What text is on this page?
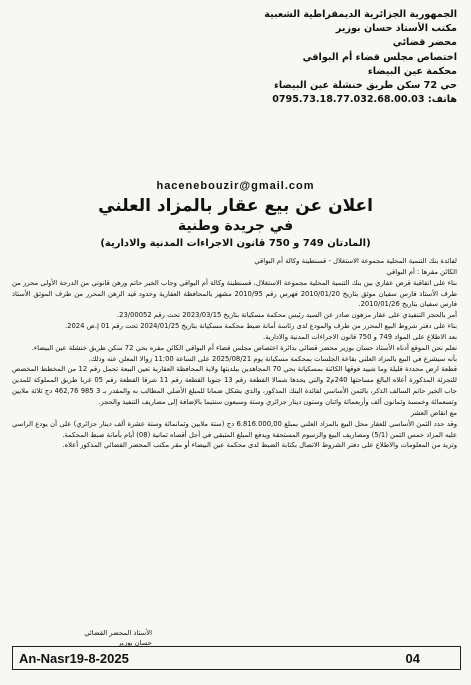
الجمهورية الجزائرية الديمقراطية الشعبية
مكتب الأستاذ حسان بوزير
محضر قضائي
اختصاص مجلس قضاء أم البواقي
محكمة عين البيضاء
حي 72 سكن طريق خنشلة عين البيضاء
هاتف: 0795.73.18.77.032.68.00.03
hacenebouzir@gmail.com
اعلان عن بيع عقار بالمزاد العلني
في جريدة وطنية
(المادتان 749 و 750 قانون الاجراءات المدنية والادارية)

لفائدة بنك التنمية المحلية مجموعة الاستغلال - قسنطينة وكالة أم البواقي

الكائن مقرها : أم البواقي

بناء على اتفاقية قرض عقاري بين بنك التنمية المحلية مجموعة الاستغلال، قسنطينة وكالة أم البواقي وجاب الخير حاتم ورهن قانوني من الدرجة الأولى محرر من طرف الأستاذ فارس سفيان موثق بتاريخ 2010/01/20 فهرس رقم 2010/95 مشهر بالمحافظة العقارية وحدود قيد الرهن المحرر من طرف الموثق الأستاذ فارس سفيان بتاريخ 2010/01/26.

أمر بالحجز التنفيذي على عقار مرهون صادر عن السيد رئيس محكمة مسكيانة بتاريخ 2023/03/15 تحت رقم 23/00052.

بناء على دفتر شروط البيع المحرر من طرف والمودع لدى رئاسة أمانة ضبط محكمة مسكيانة بتاريخ 2024/01/25 تحت رقم 01 إ.ض 2024.

بعد الاطلاع على المواد 749 و 750 قانون الاجراءات المدنية والادارية.

نعلم نحن الموقع أدناه الأستاذ حسان بوزير محضر قضائي بدائرة اختصاص مجلس قضاء أم البواقي الكائن مقره بحي 72 سكن طريق خنشلة عين البيضاء.

بأنه سيشرع في البيع بالمزاد العلني بقاعة الجلسات بمحكمة مسكيانة يوم 2025/08/21 على الساعة 11:00 زوالا المعلن عنه وذلك.

قطعة ارض محددة قليلة وما شييد فوقها الكائنة بمسكيانة بحي 70 المجاهدين ببلديتها ولاية المحافظة العقارية تعين البيعة تحمل رقم 12 من المخطط المخصص للتجزئة المذكورة أعلاه البالغ مساحتها 240م2 والتي يحدها شمالا القطعة رقم 13 جنوبا القطعة رقم 11 شرقا القطعة رقم 05 غربا طريق المملوكة للمدين جاب الخير حاتم السالف الذكر، بالثمن الأساسي لفائدة البنك المذكور، والذي يشكل ضمانا للمبلغ الأصلي المطالب به والمقدر بـ 3 985 462,76 دج ثلاثة ملايين وتسعمائة وخمسة وثمانون ألف وأربعمائة واثنان وستون دينار جزائري وستة وسبعون سنتيما بالإضافة إلى مصاريف التنفيذ والحجز.

مع انقاص العشر

وقد حدد الثمن الأساسي للعقار محل البيع بالمزاد العلني بمبلغ 6.816.000,00 دج (ستة ملايين وثمانمائة وستة عشرة ألف دينار جزائري) على أن يودع الراسي عليه المزاد خمس الثمن (5/1) ومصاريف البيع والرسوم المستحقة ويدفع المبلغ المتبقي في أجل أقصاه ثمانية (08) أيام بأمانة ضبط المحكمة.

وتزيد من المعلومات والاطلاع على دفتر الشروط الاتصال بكتابة الضبط لدى محكمة عين البيضاء أو مقر مكتب المحضر القضائي المذكور أعلاه.

الأستاذ المحضر القضائي
حسان بوزير
An-Nasr19-8-2025	04
